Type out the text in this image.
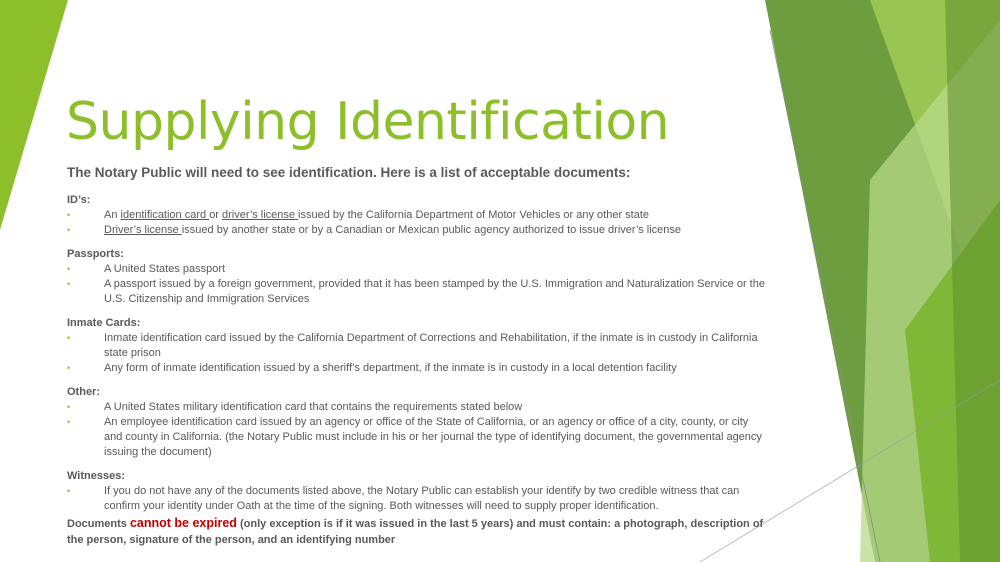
Supplying Identification
The Notary Public will need to see identification. Here is a list of acceptable documents:
ID’s:
•	An identification card or driver’s license issued by the California Department of Motor Vehicles or any other state
•	Driver’s license issued by another state or by a Canadian or Mexican public agency authorized to issue driver’s license
Passports:
•	A United States passport
•	A passport issued by a foreign government, provided that it has been stamped by the U.S. Immigration and Naturalization Service or the U.S. Citizenship and Immigration Services
Inmate Cards:
•	Inmate identification card issued by the California Department of Corrections and Rehabilitation, if the inmate is in custody in California state prison
•	Any form of inmate identification issued by a sheriff’s department, if the inmate is in custody in a local detention facility
Other:
•	A United States military identification card that contains the requirements stated below
•	An employee identification card issued by an agency or office of the State of California, or an agency or office of a city, county, or city and county in California. (the Notary Public must include in his or her journal the type of identifying document, the governmental agency issuing the document)
Witnesses:
•	If you do not have any of the documents listed above, the Notary Public can establish your identify by two credible witness that can confirm your identity under Oath at the time of the signing. Both witnesses will need to supply proper identification.
Documents cannot be expired (only exception is if it was issued in the last 5 years) and must contain: a photograph, description of the person, signature of the person, and an identifying number
